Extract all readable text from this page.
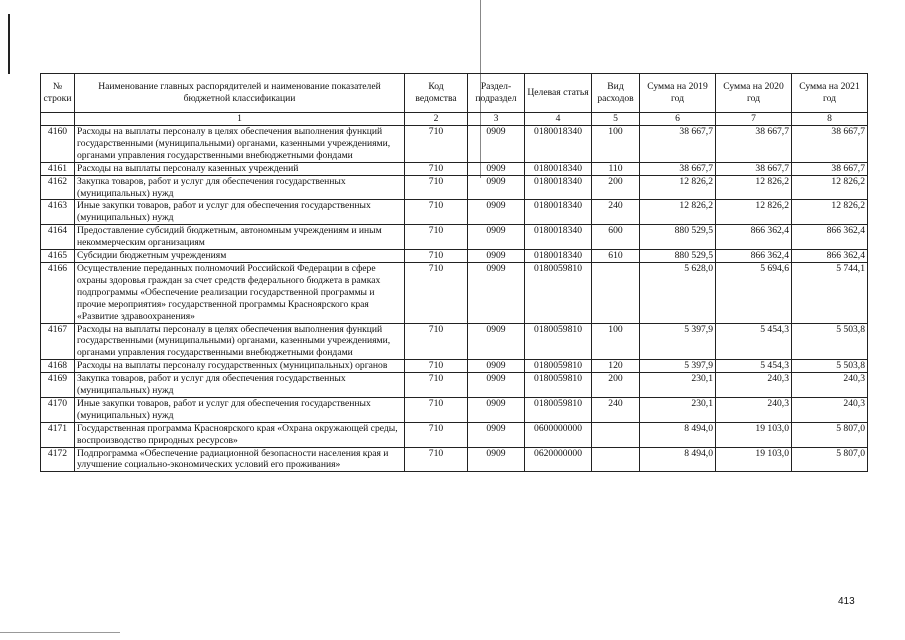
№ строки	Наименование главных распорядителей и наименование показателей бюджетной классификации	Код ведомства	Раздел-подраздел	Целевая статья	Вид расходов	Сумма на 2019 год	Сумма на 2020 год	Сумма на 2021 год
	1	2	3	4	5	6	7	8
4160	Расходы на выплаты персоналу в целях обеспечения выполнения функций государственными (муниципальными) органами, казенными учреждениями, органами управления государственными внебюджетными фондами	710	0909	0180018340	100	38 667,7	38 667,7	38 667,7
4161	Расходы на выплаты персоналу казенных учреждений	710	0909	0180018340	110	38 667,7	38 667,7	38 667,7
4162	Закупка товаров, работ и услуг для обеспечения государственных (муниципальных) нужд	710	0909	0180018340	200	12 826,2	12 826,2	12 826,2
4163	Иные закупки товаров, работ и услуг для обеспечения государственных (муниципальных) нужд	710	0909	0180018340	240	12 826,2	12 826,2	12 826,2
4164	Предоставление субсидий бюджетным, автономным учреждениям и иным некоммерческим организациям	710	0909	0180018340	600	880 529,5	866 362,4	866 362,4
4165	Субсидии бюджетным учреждениям	710	0909	0180018340	610	880 529,5	866 362,4	866 362,4
4166	Осуществление переданных полномочий Российской Федерации в сфере охраны здоровья граждан за счет средств федерального бюджета в рамках подпрограммы «Обеспечение реализации государственной программы и прочие мероприятия» государственной программы Красноярского края «Развитие здравоохранения»	710	0909	0180059810		5 628,0	5 694,6	5 744,1
4167	Расходы на выплаты персоналу в целях обеспечения выполнения функций государственными (муниципальными) органами, казенными учреждениями, органами управления государственными внебюджетными фондами	710	0909	0180059810	100	5 397,9	5 454,3	5 503,8
4168	Расходы на выплаты персоналу государственных (муниципальных) органов	710	0909	0180059810	120	5 397,9	5 454,3	5 503,8
4169	Закупка товаров, работ и услуг для обеспечения государственных (муниципальных) нужд	710	0909	0180059810	200	230,1	240,3	240,3
4170	Иные закупки товаров, работ и услуг для обеспечения государственных (муниципальных) нужд	710	0909	0180059810	240	230,1	240,3	240,3
4171	Государственная программа Красноярского края «Охрана окружающей среды, воспроизводство природных ресурсов»	710	0909	0600000000		8 494,0	19 103,0	5 807,0
4172	Подпрограмма «Обеспечение радиационной безопасности населения края и улучшение социально-экономических условий его проживания»	710	0909	0620000000		8 494,0	19 103,0	5 807,0
413
